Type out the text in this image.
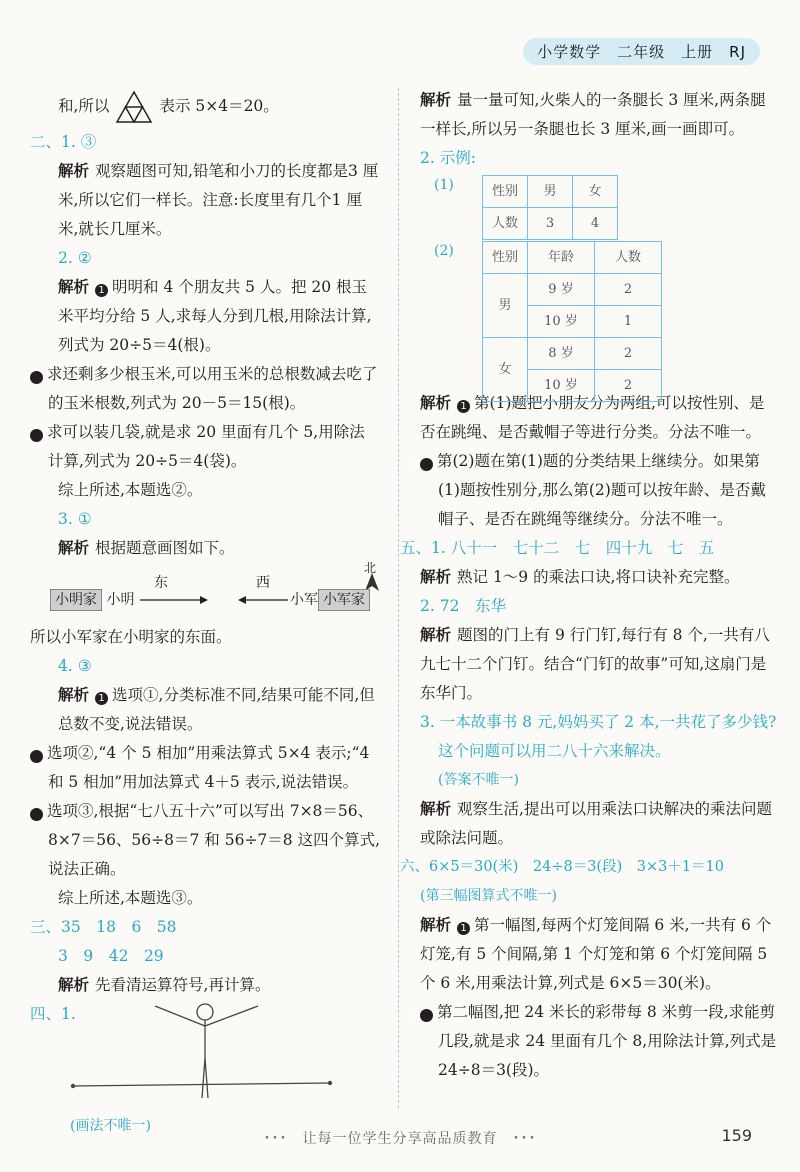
小学数学　二年级　上册　RJ

和,所以	表示 5×4＝20。

二、1. ③

解析 观察题图可知,铅笔和小刀的长度都是3 厘米,所以它们一样长。注意:长度里有几个1 厘米,就长几厘米。

2. ②

解析 1 明明和 4 个朋友共 5 人。把 20 根玉米平均分给 5 人,求每人分到几根,用除法计算,列式为 20÷5＝4(根)。

2 求还剩多少根玉米,可以用玉米的总根数减去吃了的玉米根数,列式为 20－5＝15(根)。

3 求可以装几袋,就是求 20 里面有几个 5,用除法计算,列式为 20÷5＝4(袋)。

综上所述,本题选②。

3. ①

解析 根据题意画图如下。

北
小明家 小明	小军 小军家
东	西

所以小军家在小明家的东面。

4. ③

解析 1 选项①,分类标准不同,结果可能不同,但总数不变,说法错误。

2 选项②,“4 个 5 相加”用乘法算式 5×4 表示;“4 和 5 相加”用加法算式 4＋5 表示,说法错误。

3 选项③,根据“七八五十六”可以写出 7×8＝56、8×7＝56、56÷8＝7 和 56÷7＝8 这四个算式,说法正确。

综上所述,本题选③。

三、35　18　6　58

3　9　42　29

解析 先看清运算符号,再计算。

四、1.

(画法不唯一)

解析 量一量可知,火柴人的一条腿长 3 厘米,两条腿一样长,所以另一条腿也长 3 厘米,画一画即可。

2. 示例:

(1)	性别	男	女
人数	3	4
(2)	性别	年龄	人数
男	9 岁	2
	10 岁	1
女	8 岁	2
	10 岁	2

解析 1 第(1)题把小朋友分为两组,可以按性别、是否在跳绳、是否戴帽子等进行分类。分法不唯一。

2 第(2)题在第(1)题的分类结果上继续分。如果第(1)题按性别分,那么第(2)题可以按年龄、是否戴帽子、是否在跳绳等继续分。分法不唯一。

五、1. 八十一　七十二　七　四十九　七　五

解析 熟记 1～9 的乘法口诀,将口诀补充完整。

2. 72　东华

解析 题图的门上有 9 行门钉,每行有 8 个,一共有八九七十二个门钉。结合“门钉的故事”可知,这扇门是东华门。

3. 一本故事书 8 元,妈妈买了 2 本,一共花了多少钱?这个问题可以用二八十六来解决。

(答案不唯一)

解析 观察生活,提出可以用乘法口诀解决的乘法问题或除法问题。

六、6×5＝30(米)　24÷8＝3(段)　3×3＋1＝10

(第三幅图算式不唯一)

解析 1 第一幅图,每两个灯笼间隔 6 米,一共有 6 个灯笼,有 5 个间隔,第 1 个灯笼和第 6 个灯笼间隔 5 个 6 米,用乘法计算,列式是 6×5＝30(米)。

2 第二幅图,把 24 米长的彩带每 8 米剪一段,求能剪几段,就是求 24 里面有几个 8,用除法计算,列式是 24÷8＝3(段)。

･･･　让每一位学生分享高品质教育　･･･	159
